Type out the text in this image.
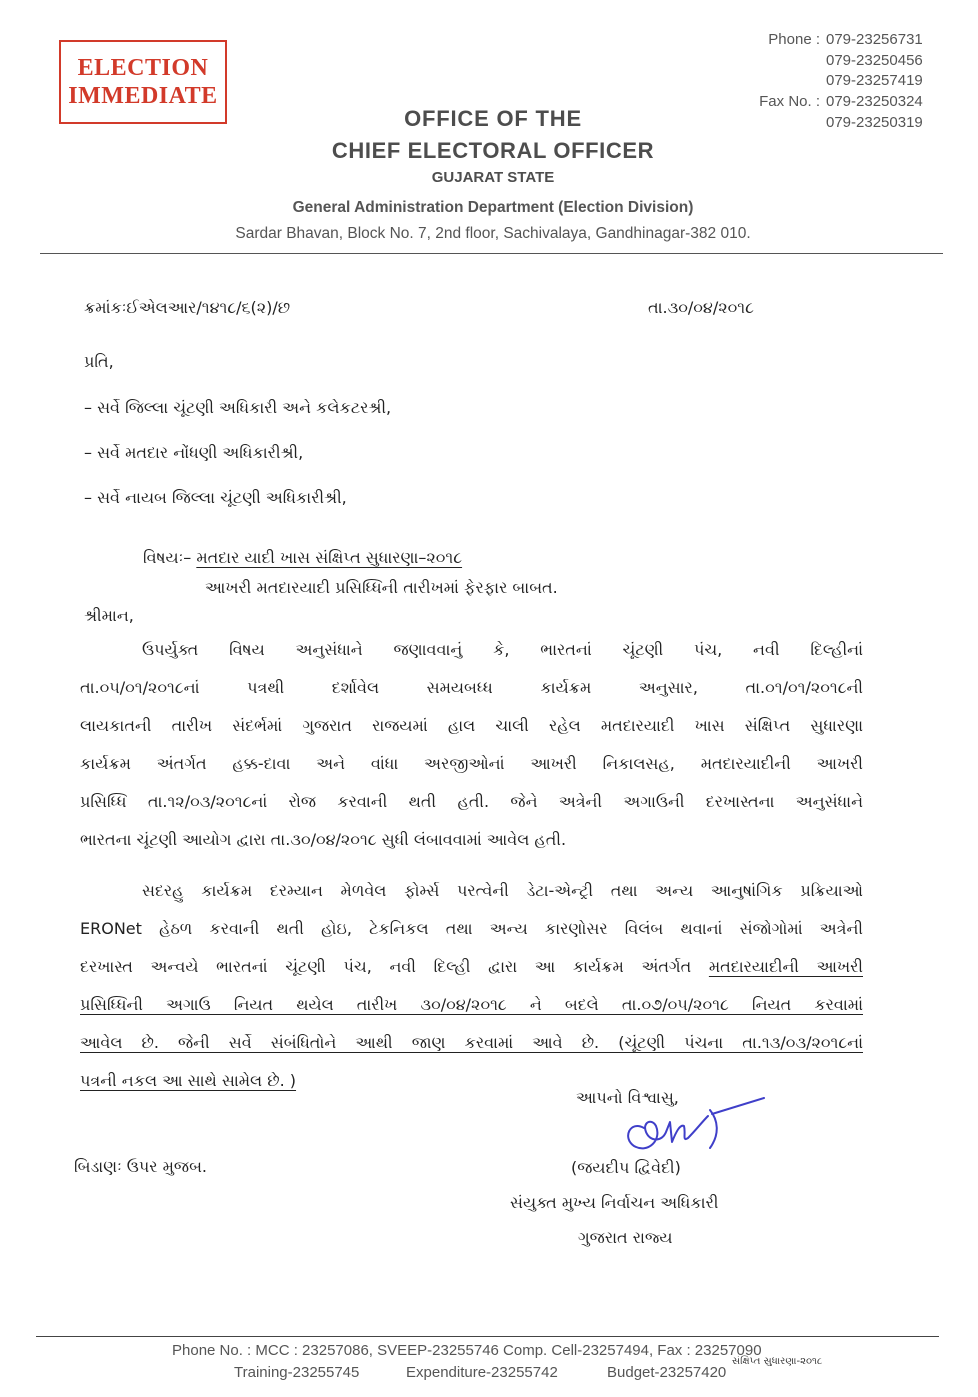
ELECTION
IMMEDIATE
Phone : 079-23256731
079-23250456
079-23257419
Fax No. : 079-23250324
079-23250319
OFFICE OF THE
CHIEF ELECTORAL OFFICER
GUJARAT STATE
General Administration Department (Election Division)
Sardar Bhavan, Block No. 7, 2nd floor, Sachivalaya, Gandhinagar-382 010.
ક્રમાંકઃઈએલઆર/૧૪૧૮/૬(૨)/છ	તા.૩૦/૦૪/૨૦૧૮
પ્રતિ,
– સર્વે જિલ્લા ચૂંટણી અધિકારી અને કલેકટરશ્રી,
– સર્વે મતદાર નોંધણી અધિકારીશ્રી,
– સર્વે નાયબ જિલ્લા ચૂંટણી અધિકારીશ્રી,
વિષયઃ– મતદાર યાદી ખાસ સંક્ષિપ્ત સુધારણા–૨૦૧૮
આખરી મતદારયાદી પ્રસિધ્ધિની તારીખમાં ફેરફાર બાબત.
શ્રીમાન,
ઉપર્યુક્ત વિષય અનુસંધાને જણાવવાનું કે, ભારતનાં ચૂંટણી પંચ, નવી દિલ્હીનાં
તા.૦૫/૦૧/૨૦૧૮નાં પત્રથી દર્શાવેલ સમયબધ્ધ કાર્યક્રમ અનુસાર, તા.૦૧/૦૧/૨૦૧૮ની
લાયકાતની તારીખ સંદર્ભમાં ગુજરાત રાજયમાં હાલ ચાલી રહેલ મતદારયાદી ખાસ સંક્ષિપ્ત સુધારણા
કાર્યક્રમ અંતર્ગત હક્ક-દાવા અને વાંધા અરજીઓનાં આખરી નિકાલસહ, મતદારયાદીની આખરી
પ્રસિધ્ધિ તા.૧૨/૦૩/૨૦૧૮નાં રોજ કરવાની થતી હતી. જેને અત્રેની અગાઉની દરખાસ્તના અનુસંધાને
ભારતના ચૂંટણી આયોગ દ્વારા તા.૩૦/૦૪/૨૦૧૮ સુધી લંબાવવામાં આવેલ હતી.
સદરહુ કાર્યક્રમ દરમ્યાન મેળવેલ ફોર્મ્સ પરત્વેની ડેટા-એન્ટ્રી તથા અન્ય આનુષાંગિક પ્રક્રિયાઓ
ERONet હેઠળ કરવાની થતી હોઇ, ટેકનિકલ તથા અન્ય કારણોસર વિલંબ થવાનાં સંજોગોમાં અત્રેની
દરખાસ્ત અન્વયે ભારતનાં ચૂંટણી પંચ, નવી દિલ્હી દ્વારા આ કાર્યક્રમ અંતર્ગત મતદારયાદીની આખરી
પ્રસિધ્ધિની અગાઉ નિયત થયેલ તારીખ ૩૦/૦૪/૨૦૧૮ ને બદલે તા.૦૭/૦૫/૨૦૧૮ નિયત કરવામાં
આવેલ છે. જેની સર્વે સંબંધિતોને આથી જાણ કરવામાં આવે છે. (ચૂંટણી પંચના તા.૧૩/૦૩/૨૦૧૮નાં
પત્રની નકલ આ સાથે સામેલ છે. )
આપનો વિશ્વાસુ,
(જયદીપ દ્વિવેદી)
સંયુક્ત મુખ્ય નિર્વાચન અધિકારી
ગુજરાત રાજ્ય
બિડાણઃ ઉપર મુજબ.
Phone No. : MCC : 23257086, SVEEP-23255746 Comp. Cell-23257494, Fax : 23257090
Training-23255745	Expenditure-23255742	Budget-23257420
સંક્ષિપ્ત સુધારણા-૨૦૧૮
